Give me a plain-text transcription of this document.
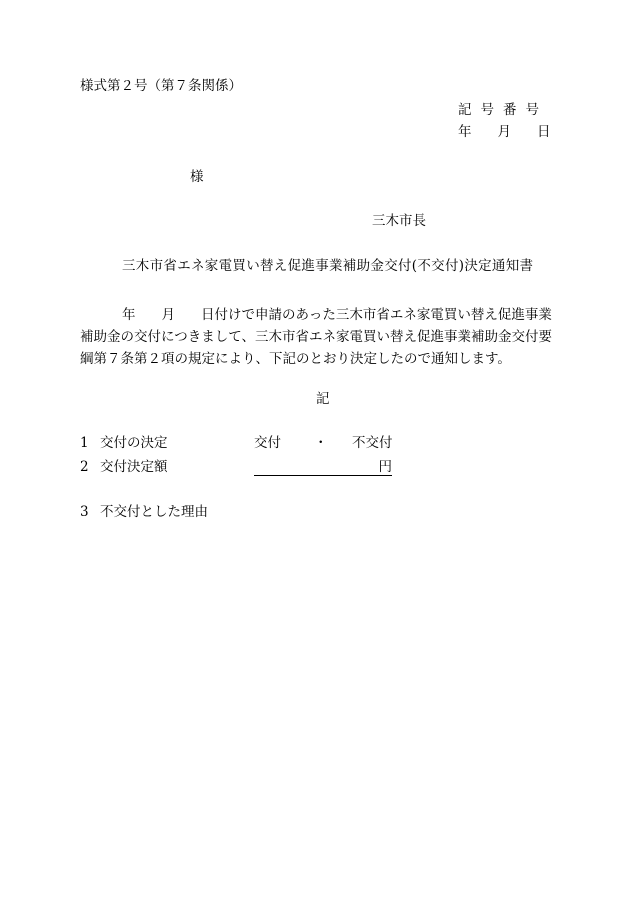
様式第２号（第７条関係）
記号番号
年 月 日
様
三木市長
三木市省エネ家電買い替え促進事業補助金交付(不交付)決定通知書
年 月 日付けで申請のあった三木市省エネ家電買い替え促進事業
補助金の交付につきまして、三木市省エネ家電買い替え促進事業補助金交付要
綱第７条第２項の規定により、下記のとおり決定したので通知します。
記
1 交付の決定	交付 ・ 不交付
2 交付決定額	円
3 不交付とした理由
